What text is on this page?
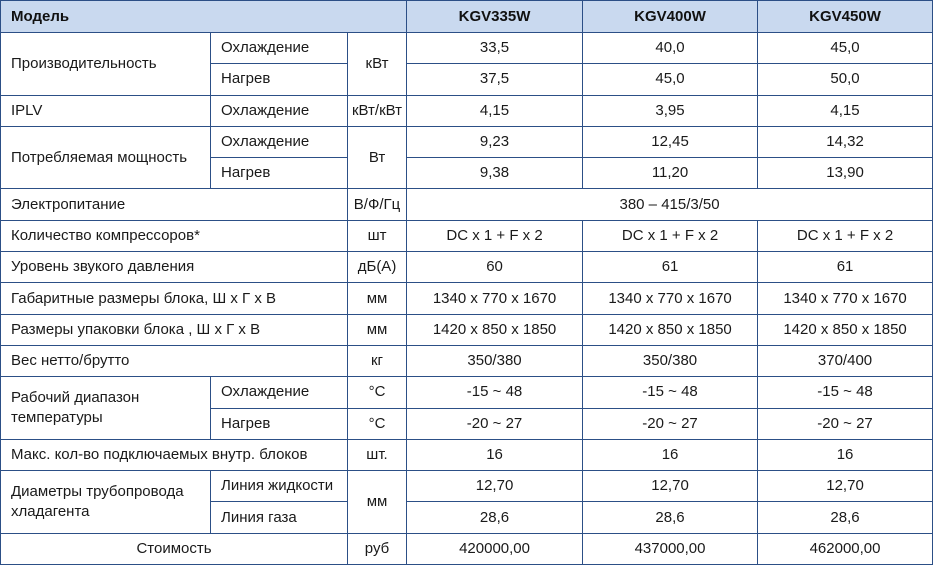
Модель			KGV335W	KGV400W	KGV450W
Производительность	Охлаждение	кВт	33,5	40,0	45,0
	Нагрев		37,5	45,0	50,0
IPLV	Охлаждение	кВт/кВт	4,15	3,95	4,15
Потребляемая мощность	Охлаждение	Вт	9,23	12,45	14,32
	Нагрев		9,38	11,20	13,90
Электропитание		В/Ф/Гц	380 – 415/3/50		
Количество компрессоров*		шт	DC x 1 + F x 2	DC x 1 + F x 2	DC x 1 + F x 2
Уровень звукого давления		дБ(А)	60	61	61
Габаритные размеры блока, Ш x Г x В		мм	1340 x 770 x 1670	1340 x 770 x 1670	1340 x 770 x 1670
Размеры упаковки блока , Ш x Г x В		мм	1420 x 850 x 1850	1420 x 850 x 1850	1420 x 850 x 1850
Вес нетто/брутто		кг	350/380	350/380	370/400
Рабочий диапазон температуры	Охлаждение	°С	-15 ~ 48	-15 ~ 48	-15 ~ 48
	Нагрев	°С	-20 ~ 27	-20 ~ 27	-20 ~ 27
Макс. кол-во подключаемых внутр. блоков		шт.	16	16	16
Диаметры трубопровода хладагента	Линия жидкости	мм	12,70	12,70	12,70
	Линия газа		28,6	28,6	28,6
Стоимость		руб	420000,00	437000,00	462000,00
